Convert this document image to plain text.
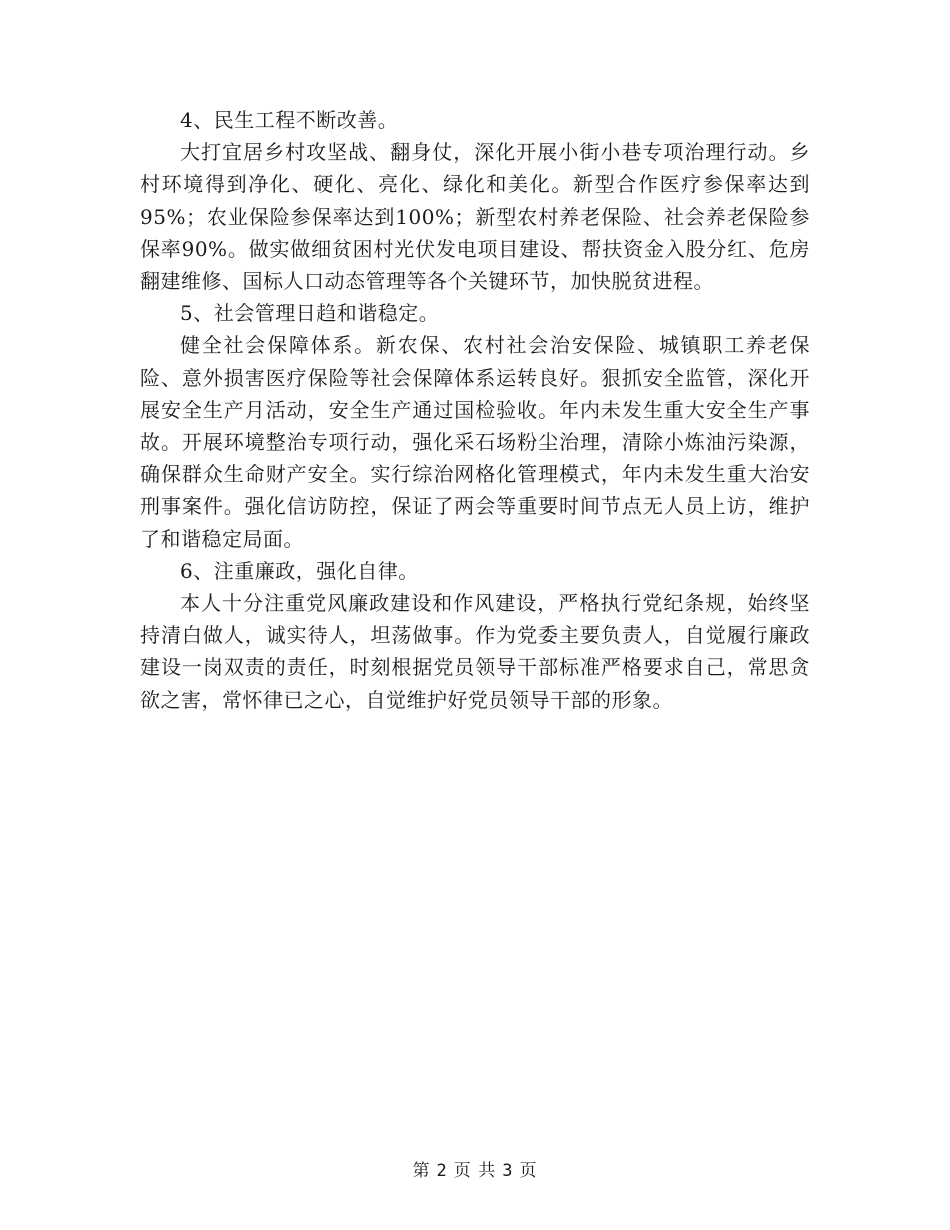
4、民生工程不断改善。

大打宜居乡村攻坚战、翻身仗，深化开展小街小巷专项治理行动。乡村环境得到净化、硬化、亮化、绿化和美化。新型合作医疗参保率达到95%；农业保险参保率达到100%；新型农村养老保险、社会养老保险参保率90%。做实做细贫困村光伏发电项目建设、帮扶资金入股分红、危房翻建维修、国标人口动态管理等各个关键环节，加快脱贫进程。

5、社会管理日趋和谐稳定。

健全社会保障体系。新农保、农村社会治安保险、城镇职工养老保险、意外损害医疗保险等社会保障体系运转良好。狠抓安全监管，深化开展安全生产月活动，安全生产通过国检验收。年内未发生重大安全生产事故。开展环境整治专项行动，强化采石场粉尘治理，清除小炼油污染源，确保群众生命财产安全。实行综治网格化管理模式，年内未发生重大治安刑事案件。强化信访防控，保证了两会等重要时间节点无人员上访，维护了和谐稳定局面。

6、注重廉政，强化自律。

本人十分注重党风廉政建设和作风建设，严格执行党纪条规，始终坚持清白做人，诚实待人，坦荡做事。作为党委主要负责人，自觉履行廉政建设一岗双责的责任，时刻根据党员领导干部标准严格要求自己，常思贪欲之害，常怀律已之心，自觉维护好党员领导干部的形象。

第 2 页 共 3 页
